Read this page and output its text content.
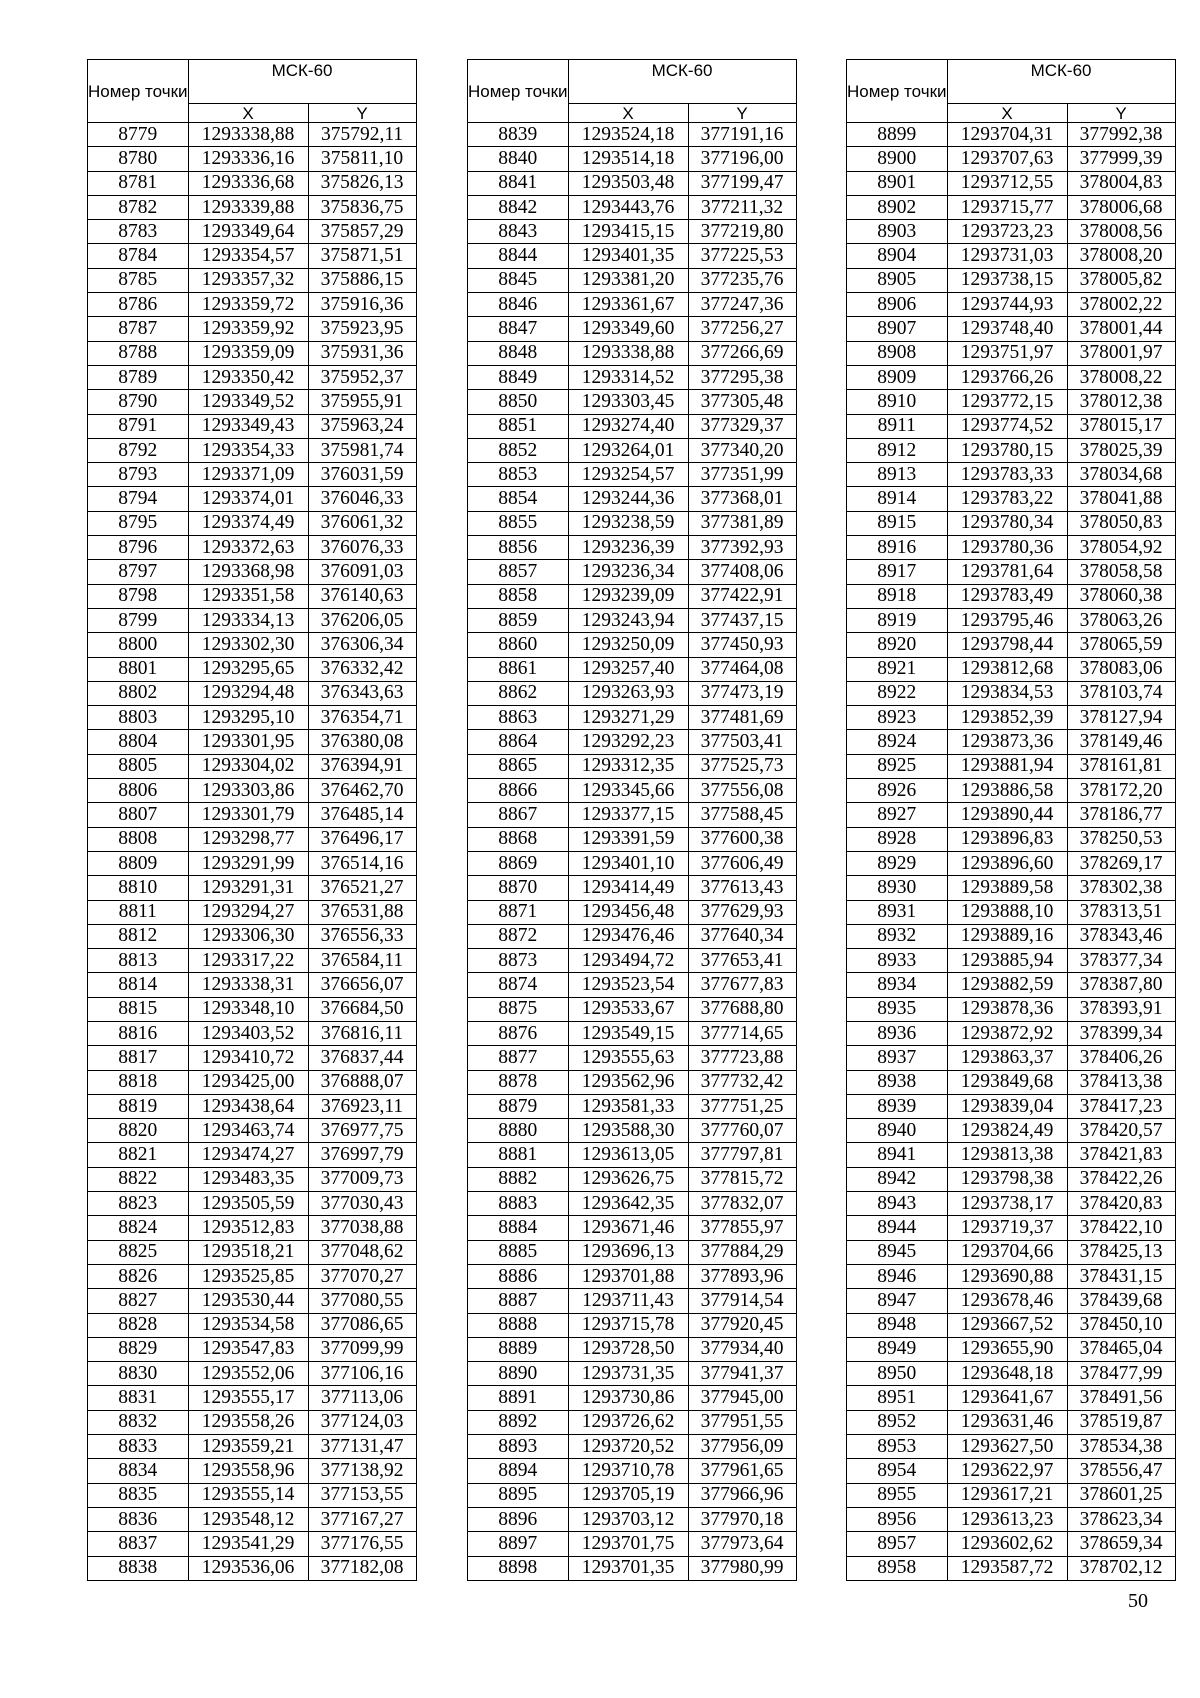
Номер точки	МСК-60	
	X	Y
8779	1293338,88	375792,11
8780	1293336,16	375811,10
8781	1293336,68	375826,13
8782	1293339,88	375836,75
8783	1293349,64	375857,29
8784	1293354,57	375871,51
8785	1293357,32	375886,15
8786	1293359,72	375916,36
8787	1293359,92	375923,95
8788	1293359,09	375931,36
8789	1293350,42	375952,37
8790	1293349,52	375955,91
8791	1293349,43	375963,24
8792	1293354,33	375981,74
8793	1293371,09	376031,59
8794	1293374,01	376046,33
8795	1293374,49	376061,32
8796	1293372,63	376076,33
8797	1293368,98	376091,03
8798	1293351,58	376140,63
8799	1293334,13	376206,05
8800	1293302,30	376306,34
8801	1293295,65	376332,42
8802	1293294,48	376343,63
8803	1293295,10	376354,71
8804	1293301,95	376380,08
8805	1293304,02	376394,91
8806	1293303,86	376462,70
8807	1293301,79	376485,14
8808	1293298,77	376496,17
8809	1293291,99	376514,16
8810	1293291,31	376521,27
8811	1293294,27	376531,88
8812	1293306,30	376556,33
8813	1293317,22	376584,11
8814	1293338,31	376656,07
8815	1293348,10	376684,50
8816	1293403,52	376816,11
8817	1293410,72	376837,44
8818	1293425,00	376888,07
8819	1293438,64	376923,11
8820	1293463,74	376977,75
8821	1293474,27	376997,79
8822	1293483,35	377009,73
8823	1293505,59	377030,43
8824	1293512,83	377038,88
8825	1293518,21	377048,62
8826	1293525,85	377070,27
8827	1293530,44	377080,55
8828	1293534,58	377086,65
8829	1293547,83	377099,99
8830	1293552,06	377106,16
8831	1293555,17	377113,06
8832	1293558,26	377124,03
8833	1293559,21	377131,47
8834	1293558,96	377138,92
8835	1293555,14	377153,55
8836	1293548,12	377167,27
8837	1293541,29	377176,55
8838	1293536,06	377182,08
Номер точки	МСК-60	
	X	Y
8839	1293524,18	377191,16
8840	1293514,18	377196,00
8841	1293503,48	377199,47
8842	1293443,76	377211,32
8843	1293415,15	377219,80
8844	1293401,35	377225,53
8845	1293381,20	377235,76
8846	1293361,67	377247,36
8847	1293349,60	377256,27
8848	1293338,88	377266,69
8849	1293314,52	377295,38
8850	1293303,45	377305,48
8851	1293274,40	377329,37
8852	1293264,01	377340,20
8853	1293254,57	377351,99
8854	1293244,36	377368,01
8855	1293238,59	377381,89
8856	1293236,39	377392,93
8857	1293236,34	377408,06
8858	1293239,09	377422,91
8859	1293243,94	377437,15
8860	1293250,09	377450,93
8861	1293257,40	377464,08
8862	1293263,93	377473,19
8863	1293271,29	377481,69
8864	1293292,23	377503,41
8865	1293312,35	377525,73
8866	1293345,66	377556,08
8867	1293377,15	377588,45
8868	1293391,59	377600,38
8869	1293401,10	377606,49
8870	1293414,49	377613,43
8871	1293456,48	377629,93
8872	1293476,46	377640,34
8873	1293494,72	377653,41
8874	1293523,54	377677,83
8875	1293533,67	377688,80
8876	1293549,15	377714,65
8877	1293555,63	377723,88
8878	1293562,96	377732,42
8879	1293581,33	377751,25
8880	1293588,30	377760,07
8881	1293613,05	377797,81
8882	1293626,75	377815,72
8883	1293642,35	377832,07
8884	1293671,46	377855,97
8885	1293696,13	377884,29
8886	1293701,88	377893,96
8887	1293711,43	377914,54
8888	1293715,78	377920,45
8889	1293728,50	377934,40
8890	1293731,35	377941,37
8891	1293730,86	377945,00
8892	1293726,62	377951,55
8893	1293720,52	377956,09
8894	1293710,78	377961,65
8895	1293705,19	377966,96
8896	1293703,12	377970,18
8897	1293701,75	377973,64
8898	1293701,35	377980,99
Номер точки	МСК-60	
	X	Y
8899	1293704,31	377992,38
8900	1293707,63	377999,39
8901	1293712,55	378004,83
8902	1293715,77	378006,68
8903	1293723,23	378008,56
8904	1293731,03	378008,20
8905	1293738,15	378005,82
8906	1293744,93	378002,22
8907	1293748,40	378001,44
8908	1293751,97	378001,97
8909	1293766,26	378008,22
8910	1293772,15	378012,38
8911	1293774,52	378015,17
8912	1293780,15	378025,39
8913	1293783,33	378034,68
8914	1293783,22	378041,88
8915	1293780,34	378050,83
8916	1293780,36	378054,92
8917	1293781,64	378058,58
8918	1293783,49	378060,38
8919	1293795,46	378063,26
8920	1293798,44	378065,59
8921	1293812,68	378083,06
8922	1293834,53	378103,74
8923	1293852,39	378127,94
8924	1293873,36	378149,46
8925	1293881,94	378161,81
8926	1293886,58	378172,20
8927	1293890,44	378186,77
8928	1293896,83	378250,53
8929	1293896,60	378269,17
8930	1293889,58	378302,38
8931	1293888,10	378313,51
8932	1293889,16	378343,46
8933	1293885,94	378377,34
8934	1293882,59	378387,80
8935	1293878,36	378393,91
8936	1293872,92	378399,34
8937	1293863,37	378406,26
8938	1293849,68	378413,38
8939	1293839,04	378417,23
8940	1293824,49	378420,57
8941	1293813,38	378421,83
8942	1293798,38	378422,26
8943	1293738,17	378420,83
8944	1293719,37	378422,10
8945	1293704,66	378425,13
8946	1293690,88	378431,15
8947	1293678,46	378439,68
8948	1293667,52	378450,10
8949	1293655,90	378465,04
8950	1293648,18	378477,99
8951	1293641,67	378491,56
8952	1293631,46	378519,87
8953	1293627,50	378534,38
8954	1293622,97	378556,47
8955	1293617,21	378601,25
8956	1293613,23	378623,34
8957	1293602,62	378659,34
8958	1293587,72	378702,12
50
